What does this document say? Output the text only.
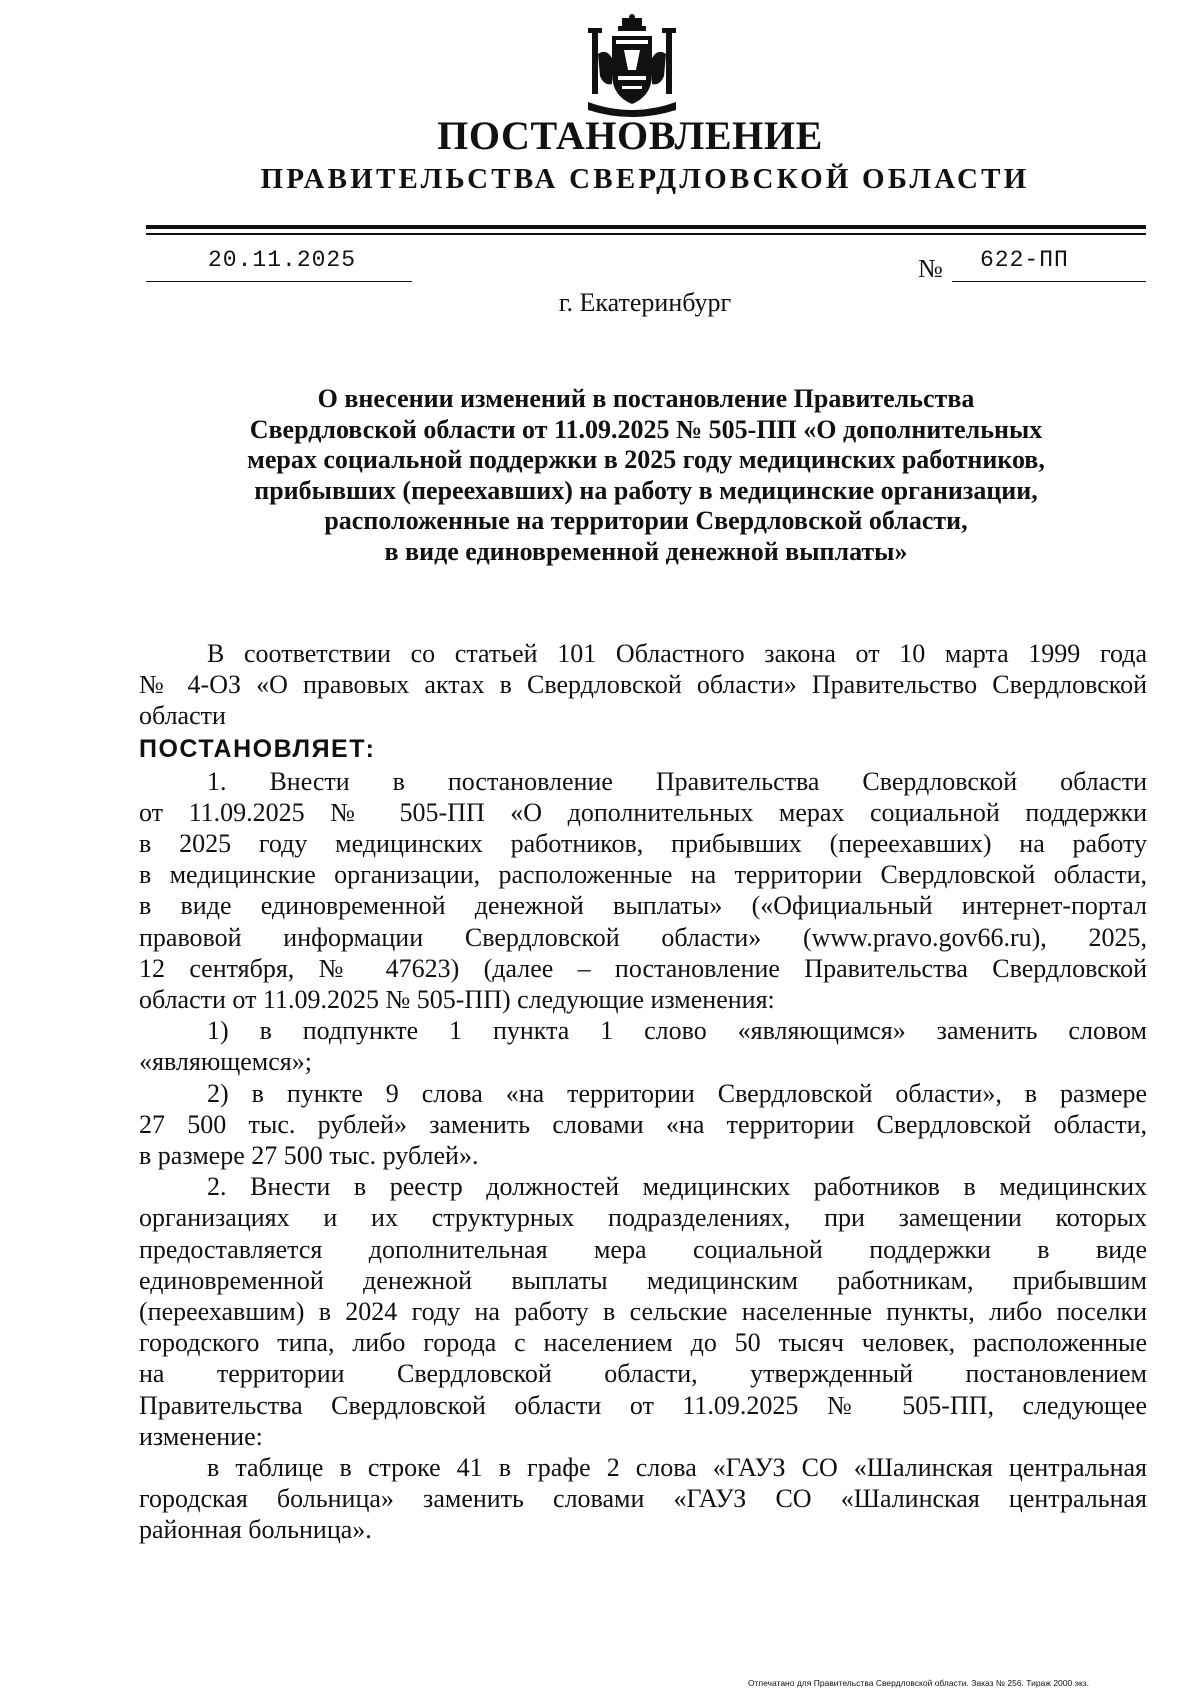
ПОСТАНОВЛЕНИЕ
ПРАВИТЕЛЬСТВА СВЕРДЛОВСКОЙ ОБЛАСТИ
20.11.2025	№ 622-ПП
г. Екатеринбург
О внесении изменений в постановление Правительства
Свердловской области от 11.09.2025 № 505-ПП «О дополнительных
мерах социальной поддержки в 2025 году медицинских работников,
прибывших (переехавших) на работу в медицинские организации,
расположенные на территории Свердловской области,
в виде единовременной денежной выплаты»
В соответствии со статьей 101 Областного закона от 10 марта 1999 года
№ 4-ОЗ «О правовых актах в Свердловской области» Правительство Свердловской
области
ПОСТАНОВЛЯЕТ:
1. Внести в постановление Правительства Свердловской области
от 11.09.2025 № 505-ПП «О дополнительных мерах социальной поддержки
в 2025 году медицинских работников, прибывших (переехавших) на работу
в медицинские организации, расположенные на территории Свердловской области,
в виде единовременной денежной выплаты» («Официальный интернет-портал
правовой информации Свердловской области» (www.pravo.gov66.ru), 2025,
12 сентября, № 47623) (далее – постановление Правительства Свердловской
области от 11.09.2025 № 505-ПП) следующие изменения:
1) в подпункте 1 пункта 1 слово «являющимся» заменить словом
«являющемся»;
2) в пункте 9 слова «на территории Свердловской области», в размере
27 500 тыс. рублей» заменить словами «на территории Свердловской области,
в размере 27 500 тыс. рублей».
2. Внести в реестр должностей медицинских работников в медицинских
организациях и их структурных подразделениях, при замещении которых
предоставляется дополнительная мера социальной поддержки в виде
единовременной денежной выплаты медицинским работникам, прибывшим
(переехавшим) в 2024 году на работу в сельские населенные пункты, либо поселки
городского типа, либо города с населением до 50 тысяч человек, расположенные
на территории Свердловской области, утвержденный постановлением
Правительства Свердловской области от 11.09.2025 № 505-ПП, следующее
изменение:
в таблице в строке 41 в графе 2 слова «ГАУЗ СО «Шалинская центральная
городская больница» заменить словами «ГАУЗ СО «Шалинская центральная
районная больница».
Отпечатано для Правительства Свердловской области. Заказ № 256. Тираж 2000 экз.
